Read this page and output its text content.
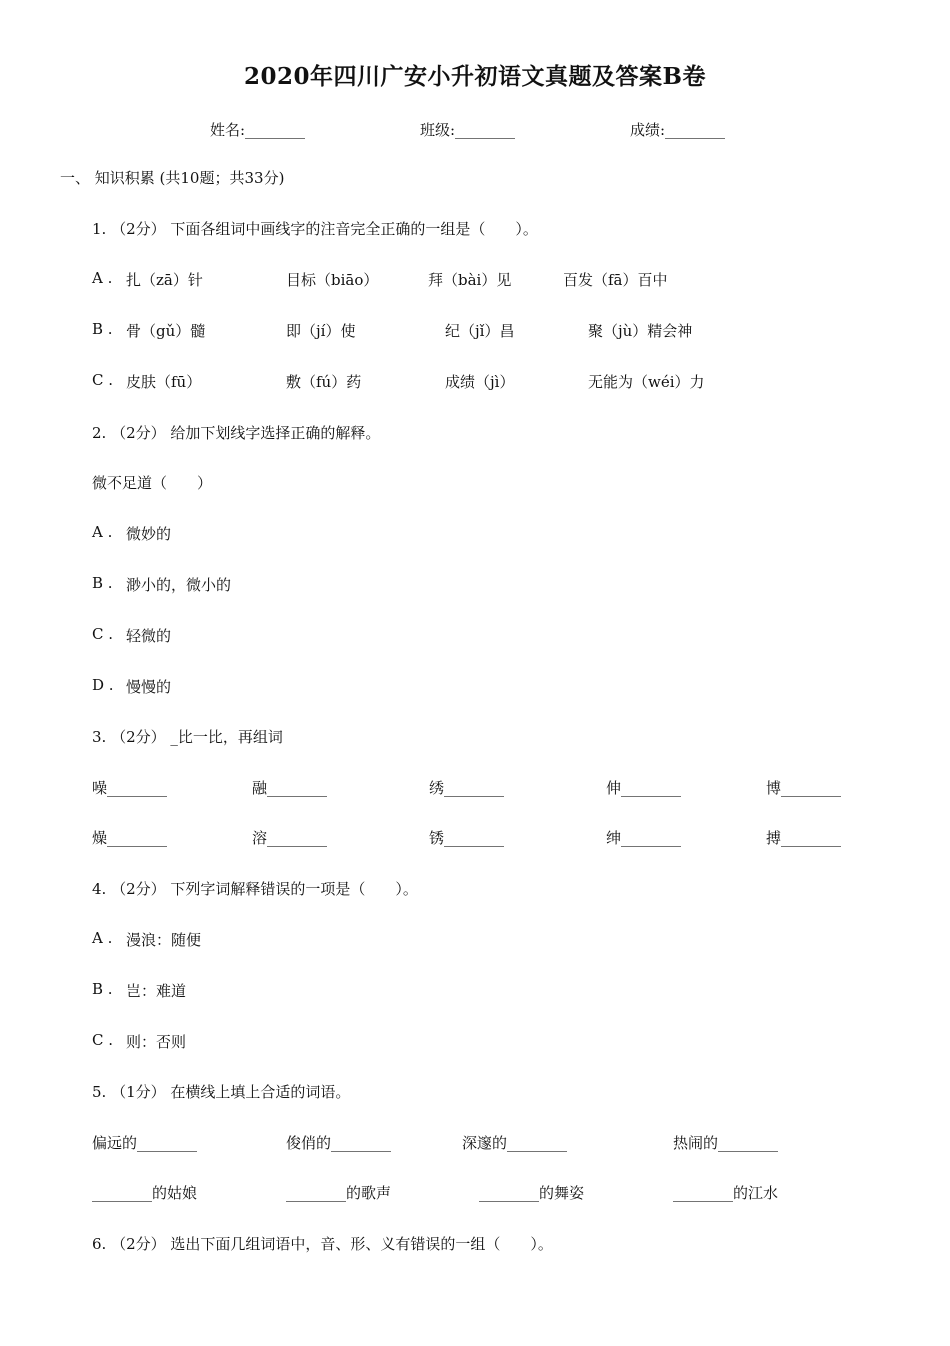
2020年四川广安小升初语文真题及答案B卷
姓名:________	班级:________	成绩:________
一、 知识积累 (共10题；共33分)
1. （2分） 下面各组词中画线字的注音完全正确的一组是（　　）。
A . 扎（zā）针	目标（biāo）	拜（bài）见	百发（fā）百中
B . 骨（gǔ）髓	即（jí）使	纪（jǐ）昌	聚（jù）精会神
C . 皮肤（fū）	敷（fú）药	成绩（jì）	无能为（wéi）力
2. （2分） 给加下划线字选择正确的解释。
微不足道（　　）
A . 微妙的
B . 渺小的，微小的
C . 轻微的
D . 慢慢的
3. （2分） _比一比，再组词
噪________	融________	绣________	伸________	博________
燥________	溶________	锈________	绅________	搏________
4. （2分） 下列字词解释错误的一项是（　　）。
A . 漫浪：随便
B . 岂：难道
C . 则：否则
5. （1分） 在横线上填上合适的词语。
偏远的________	俊俏的________	深邃的________	热闹的________
________的姑娘	________的歌声	________的舞姿	________的江水
6. （2分） 选出下面几组词语中，音、形、义有错误的一组（　　）。
